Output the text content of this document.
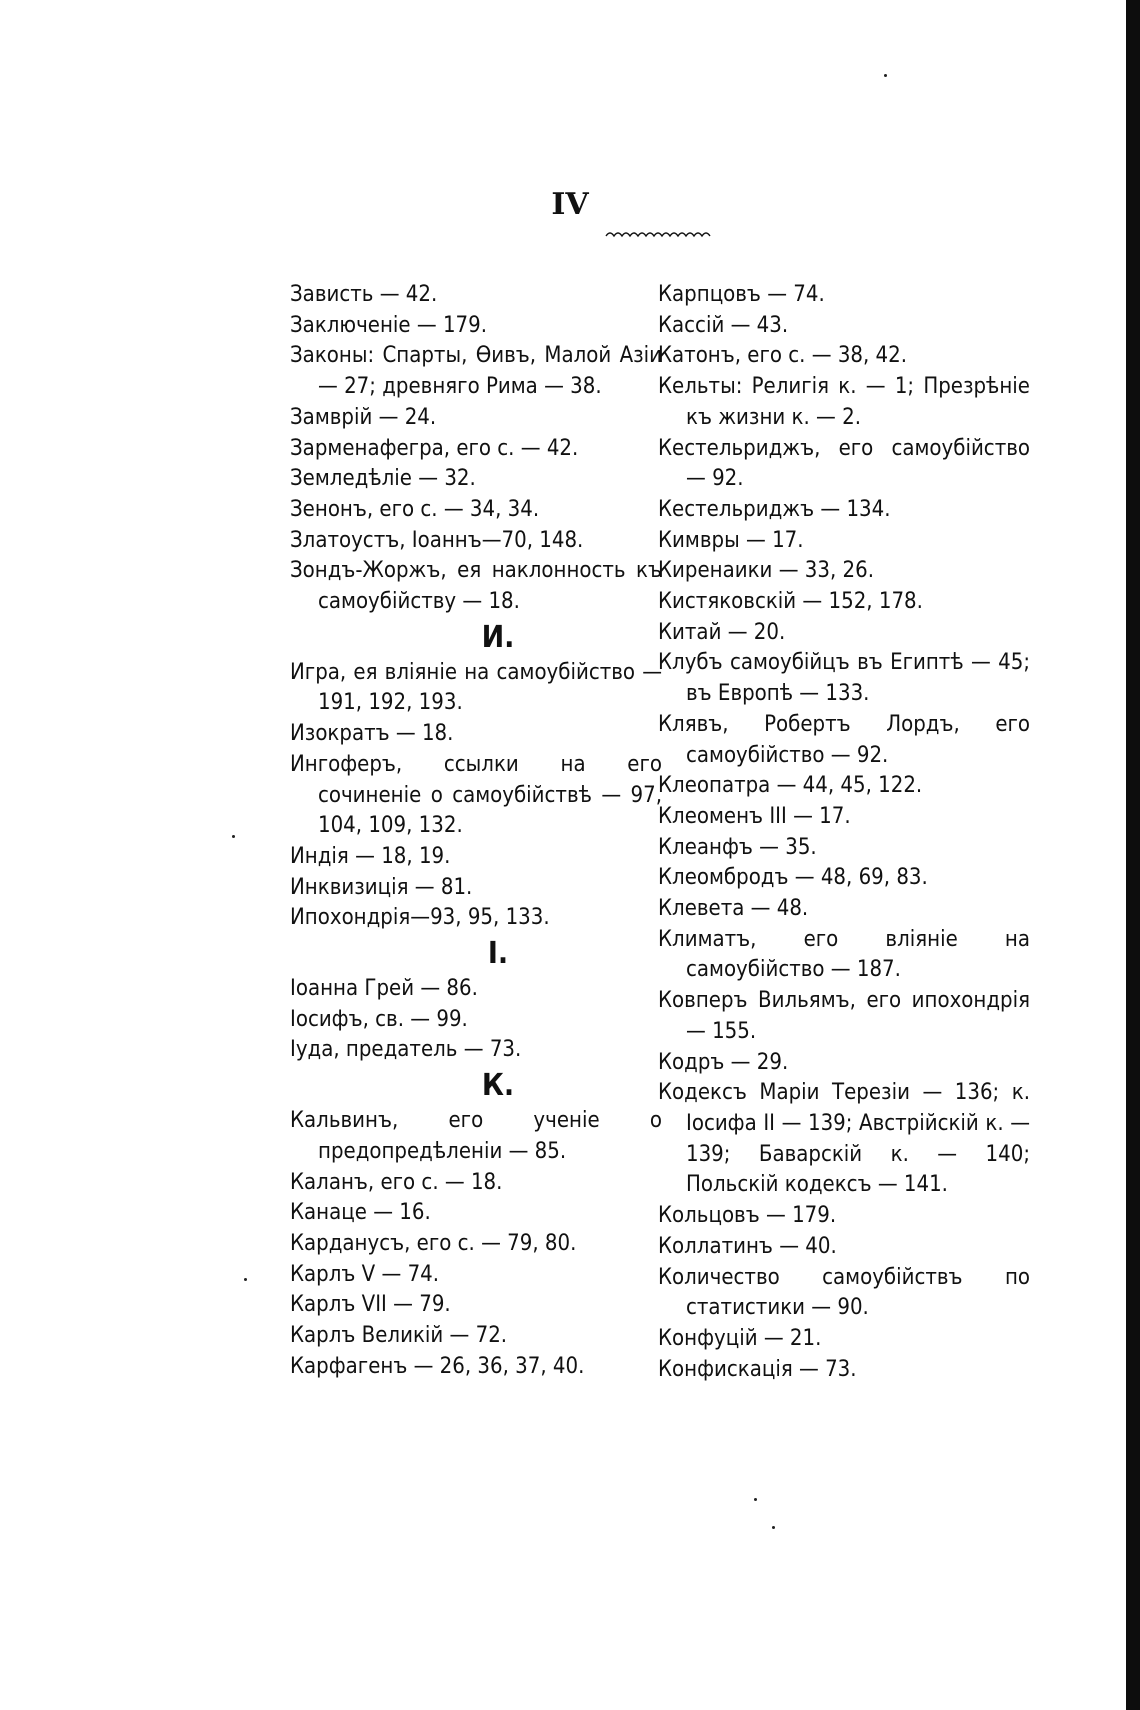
IV
Зависть — 42.
Заключеніе — 179.
Законы: Спарты, Өивъ, Малой Азіи — 27; древняго Рима — 38.
Замврій — 24.
Зарменафегра, его с. — 42.
Земледѣліе — 32.
Зенонъ, его с. — 34, 34.
Златоустъ, Іоаннъ—70, 148.
Зондъ-Жоржъ, ея наклонность къ самоубійству — 18.
И.
Игра, ея вліяніе на самоубійство — 191, 192, 193.
Изократъ — 18.
Ингоферъ, ссылки на его сочиненіе о самоубійствѣ — 97, 104, 109, 132.
Индія — 18, 19.
Инквизиція — 81.
Ипохондрія—93, 95, 133.
І.
Іоанна Грей — 86.
Іосифъ, св. — 99.
Іуда, предатель — 73.
К.
Кальвинъ, его ученіе о предопредѣленіи — 85.
Каланъ, его с. — 18.
Канаце — 16.
Карданусъ, его с. — 79, 80.
Карлъ V — 74.
Карлъ VII — 79.
Карлъ Великій — 72.
Карфагенъ — 26, 36, 37, 40.
Карпцовъ — 74.
Кассій — 43.
Катонъ, его с. — 38, 42.
Кельты: Религія к. — 1; Презрѣніе къ жизни к. — 2.
Кестельриджъ, его самоубійство — 92.
Кестельриджъ — 134.
Кимвры — 17.
Киренаики — 33, 26.
Кистяковскій — 152, 178.
Китай — 20.
Клубъ самоубійцъ въ Египтѣ — 45; въ Европѣ — 133.
Клявъ, Робертъ Лордъ, его самоубійство — 92.
Клеопатра — 44, 45, 122.
Клеоменъ III — 17.
Клеанфъ — 35.
Клеомбродъ — 48, 69, 83.
Клевета — 48.
Климатъ, его вліяніе на самоубійство — 187.
Ковперъ Вильямъ, его ипохондрія — 155.
Кодръ — 29.
Кодексъ Маріи Терезіи — 136; к. Іосифа II — 139; Австрійскій к. — 139; Баварскій к. — 140; Польскій кодексъ — 141.
Кольцовъ — 179.
Коллатинъ — 40.
Количество самоубійствъ по статистики — 90.
Конфуцій — 21.
Конфискація — 73.
